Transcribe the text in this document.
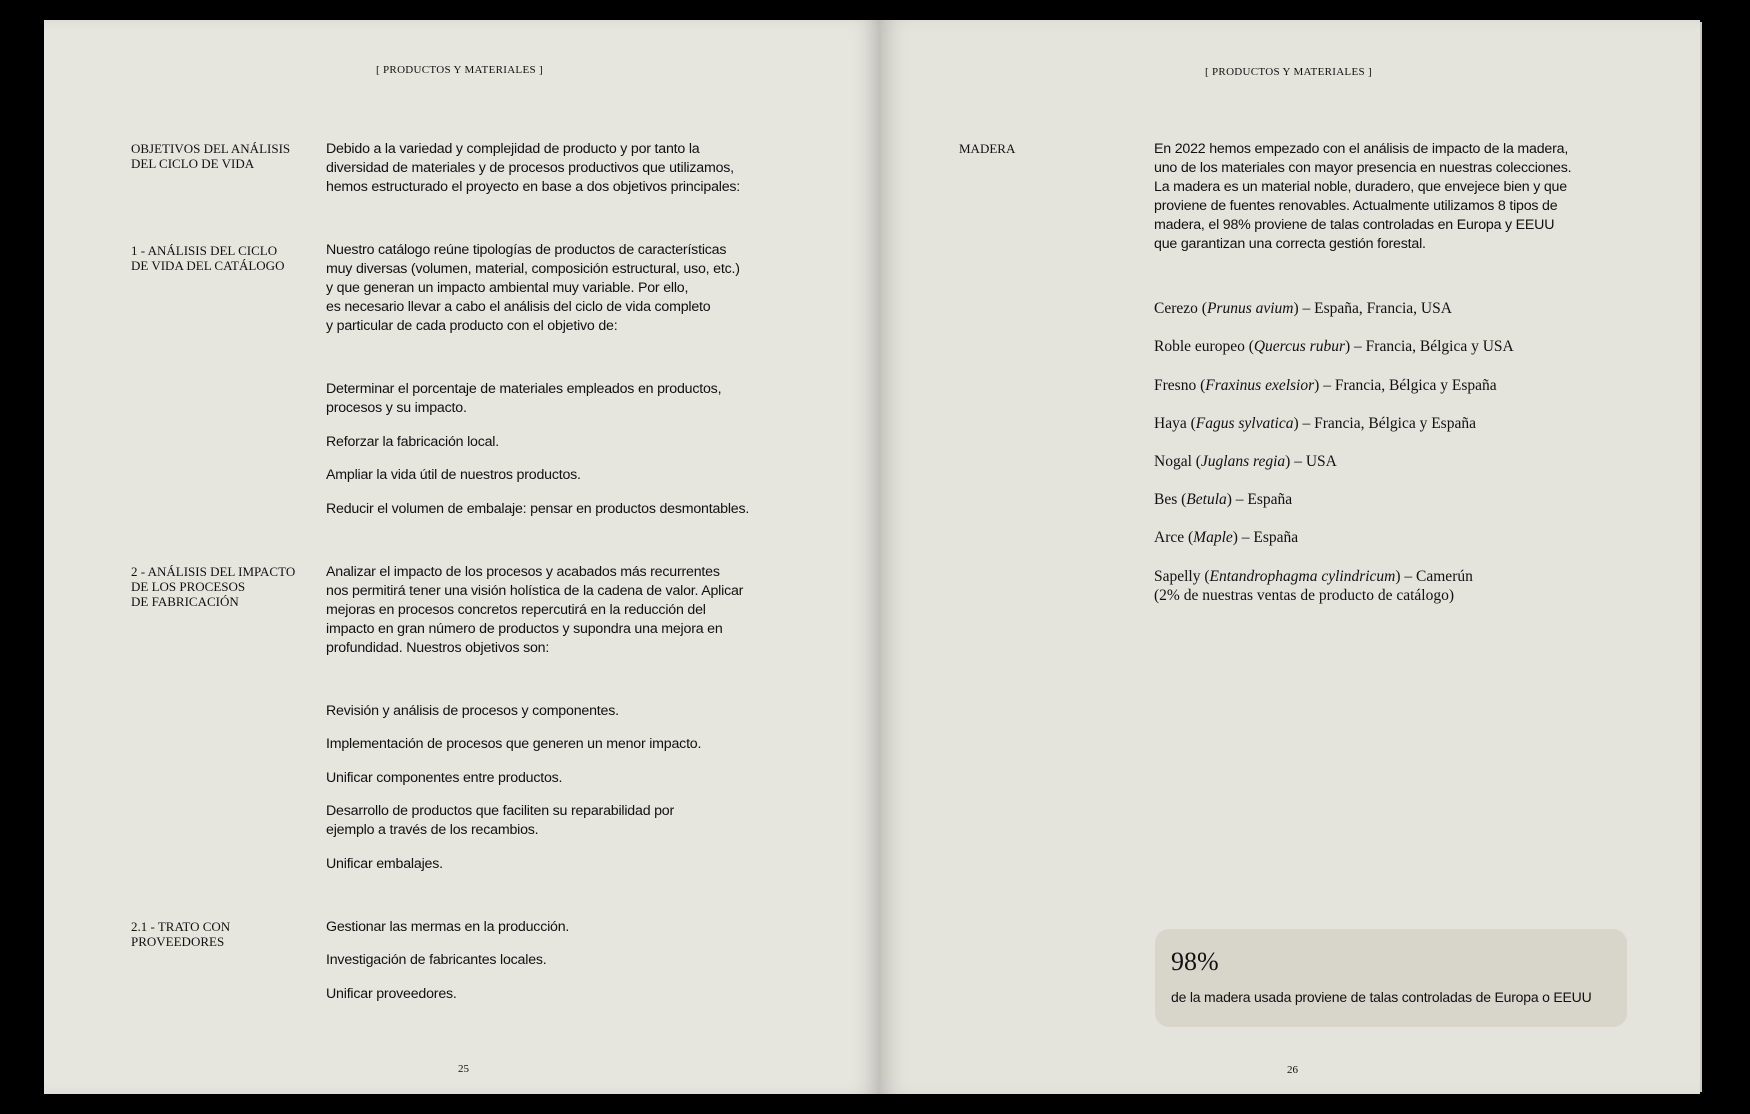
[ PRODUCTOS Y MATERIALES ]
OBJETIVOS DEL ANÁLISIS
DEL CICLO DE VIDA
Debido a la variedad y complejidad de producto y por tanto la
diversidad de materiales y de procesos productivos que utilizamos,
hemos estructurado el proyecto en base a dos objetivos principales:
1 - ANÁLISIS DEL CICLO
DE VIDA DEL CATÁLOGO
Nuestro catálogo reúne tipologías de productos de características
muy diversas (volumen, material, composición estructural, uso, etc.)
y que generan un impacto ambiental muy variable. Por ello,
es necesario llevar a cabo el análisis del ciclo de vida completo
y particular de cada producto con el objetivo de:
Determinar el porcentaje de materiales empleados en productos,
procesos y su impacto.
Reforzar la fabricación local.
Ampliar la vida útil de nuestros productos.
Reducir el volumen de embalaje: pensar en productos desmontables.
2 - ANÁLISIS DEL IMPACTO
DE LOS PROCESOS
DE FABRICACIÓN
Analizar el impacto de los procesos y acabados más recurrentes
nos permitirá tener una visión holística de la cadena de valor. Aplicar
mejoras en procesos concretos repercutirá en la reducción del
impacto en gran número de productos y supondra una mejora en
profundidad. Nuestros objetivos son:
Revisión y análisis de procesos y componentes.
Implementación de procesos que generen un menor impacto.
Unificar componentes entre productos.
Desarrollo de productos que faciliten su reparabilidad por
ejemplo a través de los recambios.
Unificar embalajes.
2.1 - TRATO CON
PROVEEDORES
Gestionar las mermas en la producción.
Investigación de fabricantes locales.
Unificar proveedores.
25
[ PRODUCTOS Y MATERIALES ]
MADERA	En 2022 hemos empezado con el análisis de impacto de la madera,
uno de los materiales con mayor presencia en nuestras colecciones.
La madera es un material noble, duradero, que envejece bien y que
proviene de fuentes renovables. Actualmente utilizamos 8 tipos de
madera, el 98% proviene de talas controladas en Europa y EEUU
que garantizan una correcta gestión forestal.
Cerezo (Prunus avium) – España, Francia, USA
Roble europeo (Quercus rubur) – Francia, Bélgica y USA
Fresno (Fraxinus exelsior) – Francia, Bélgica y España
Haya (Fagus sylvatica) – Francia, Bélgica y España
Nogal (Juglans regia) – USA
Bes (Betula) – España
Arce (Maple) – España
Sapelly (Entandrophagma cylindricum) – Camerún
(2% de nuestras ventas de producto de catálogo)
98%
de la madera usada proviene de talas controladas de Europa o EEUU
26
